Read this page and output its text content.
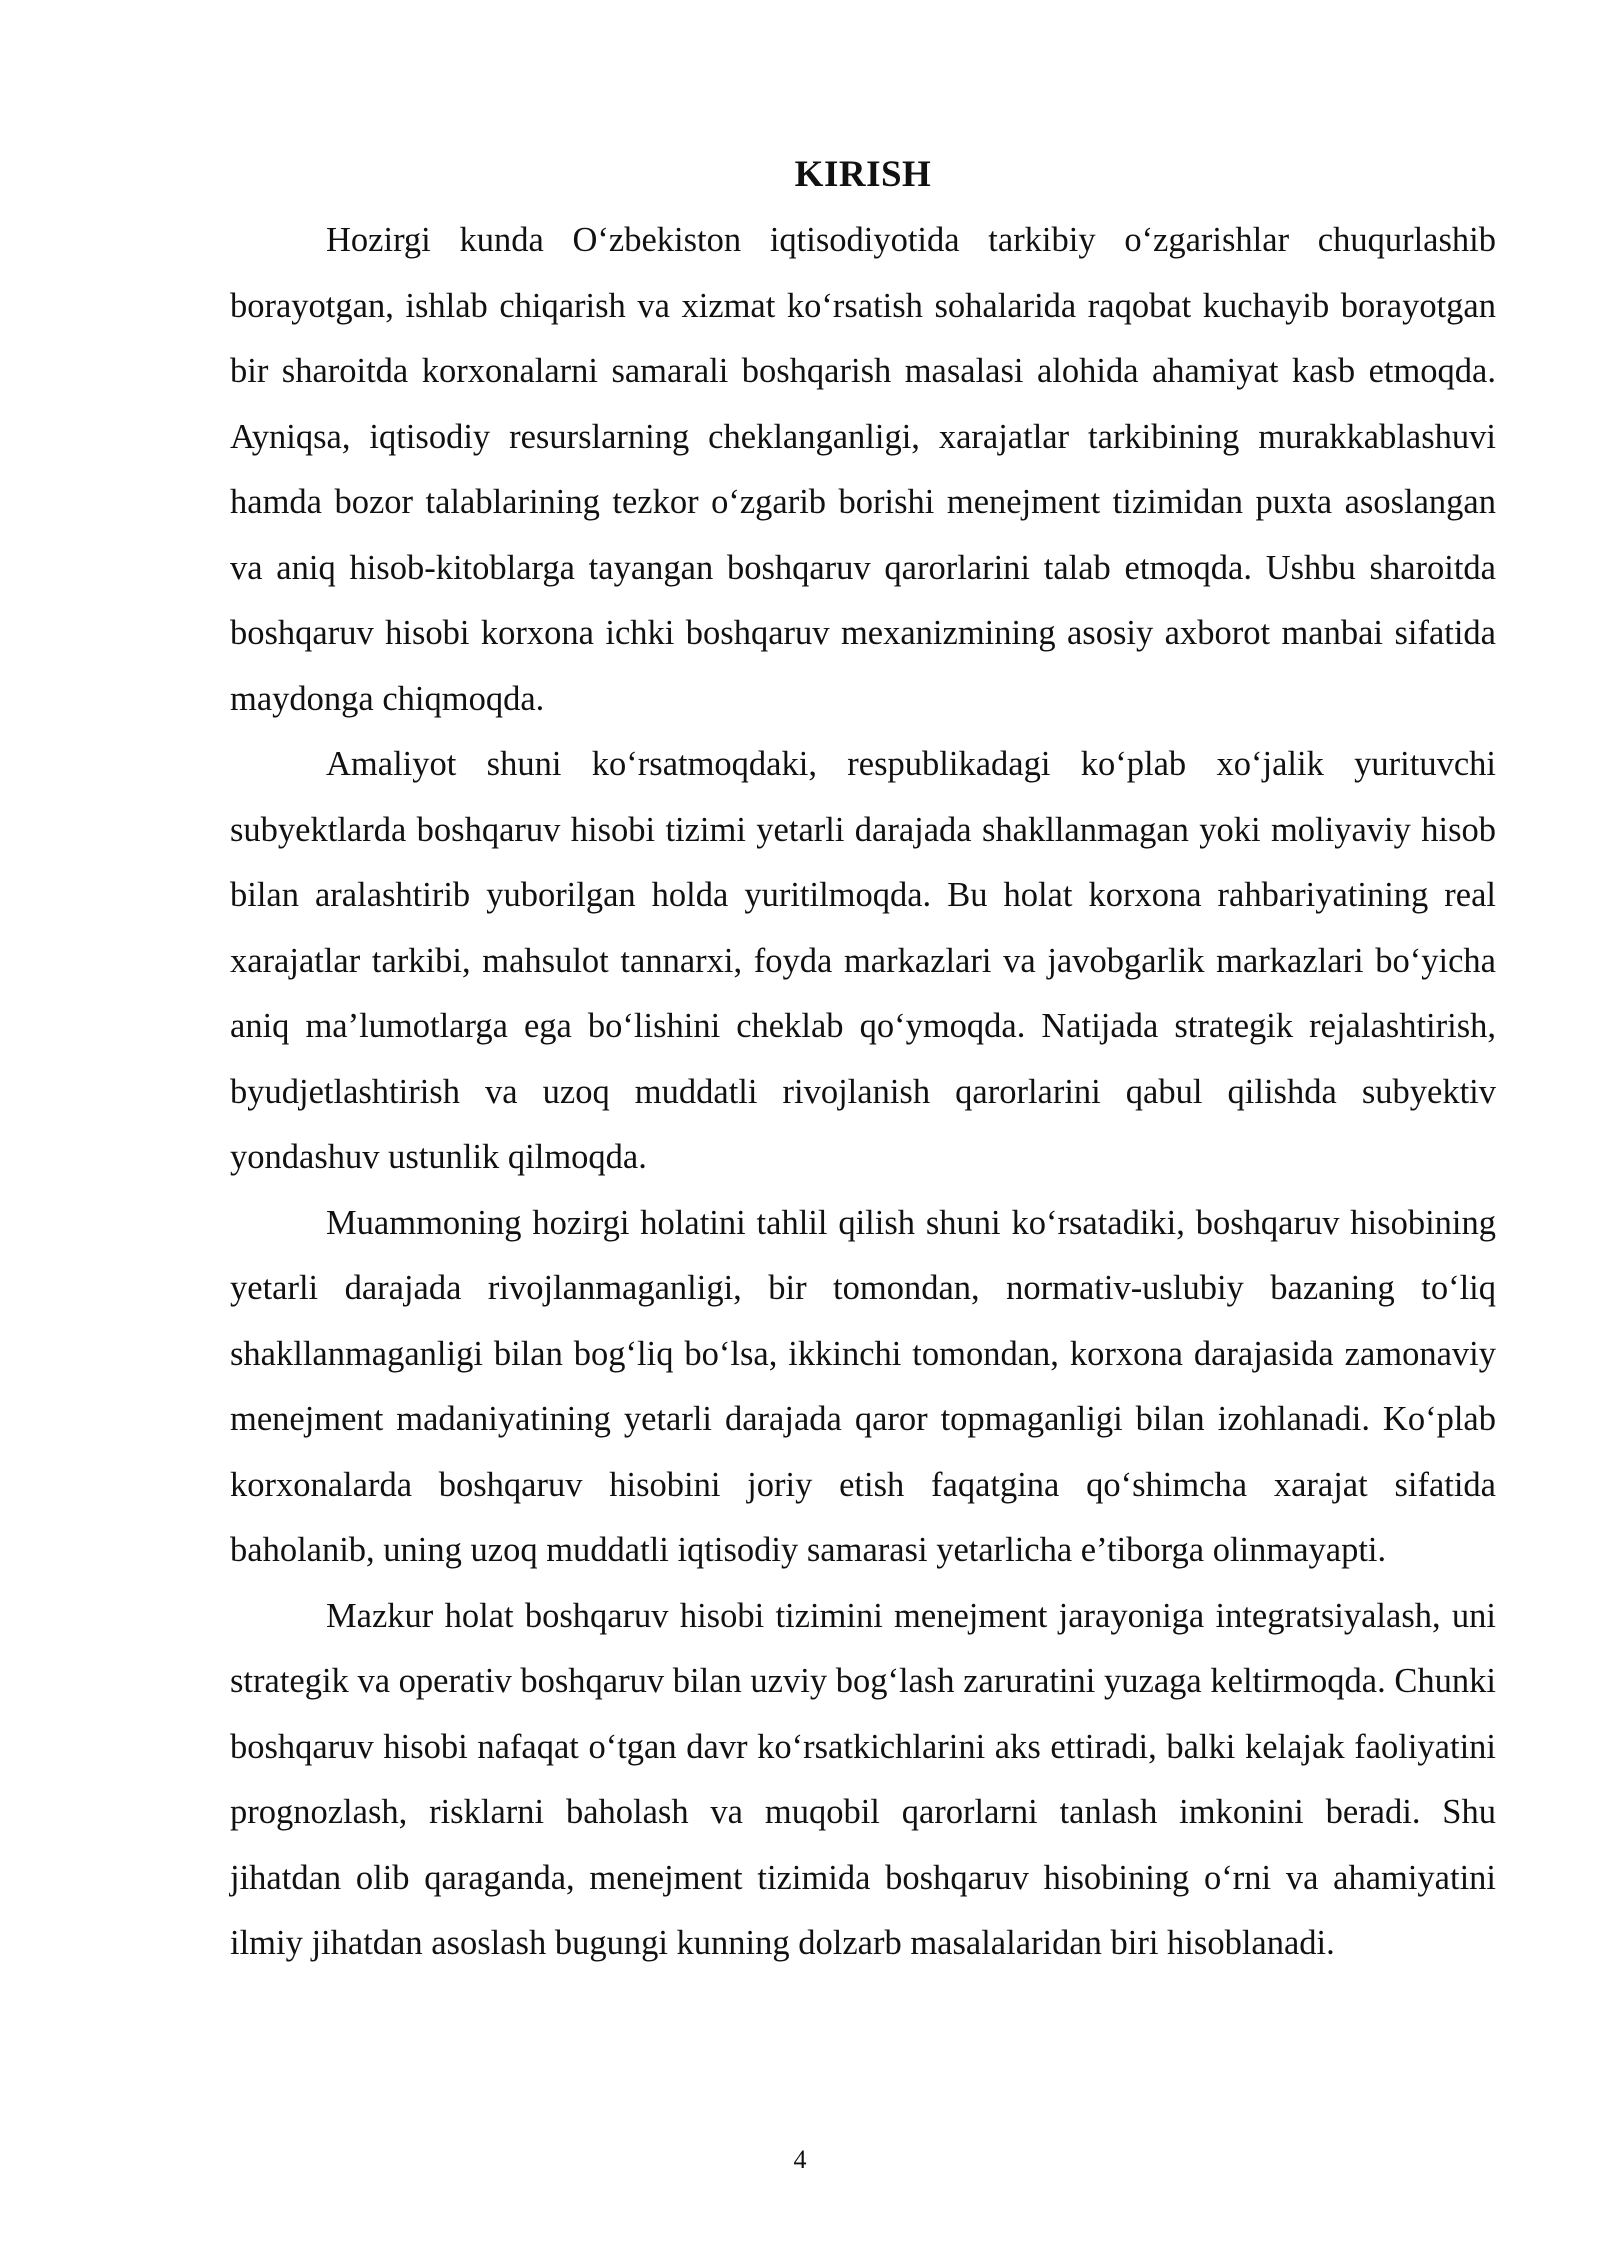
KIRISH

Hozirgi kunda O‘zbekiston iqtisodiyotida tarkibiy o‘zgarishlar chuqurlashib borayotgan, ishlab chiqarish va xizmat ko‘rsatish sohalarida raqobat kuchayib borayotgan bir sharoitda korxonalarni samarali boshqarish masalasi alohida ahamiyat kasb etmoqda. Ayniqsa, iqtisodiy resurslarning cheklanganligi, xarajatlar tarkibining murakkablashuvi hamda bozor talablarining tezkor o‘zgarib borishi menejment tizimidan puxta asoslangan va aniq hisob-kitoblarga tayangan boshqaruv qarorlarini talab etmoqda. Ushbu sharoitda boshqaruv hisobi korxona ichki boshqaruv mexanizmining asosiy axborot manbai sifatida maydonga chiqmoqda.

Amaliyot shuni ko‘rsatmoqdaki, respublikadagi ko‘plab xo‘jalik yurituvchi subyektlarda boshqaruv hisobi tizimi yetarli darajada shakllanmagan yoki moliyaviy hisob bilan aralashtirib yuborilgan holda yuritilmoqda. Bu holat korxona rahbariyatining real xarajatlar tarkibi, mahsulot tannarxi, foyda markazlari va javobgarlik markazlari bo‘yicha aniq ma’lumotlarga ega bo‘lishini cheklab qo‘ymoqda. Natijada strategik rejalashtirish, byudjetlashtirish va uzoq muddatli rivojlanish qarorlarini qabul qilishda subyektiv yondashuv ustunlik qilmoqda.

Muammoning hozirgi holatini tahlil qilish shuni ko‘rsatadiki, boshqaruv hisobining yetarli darajada rivojlanmaganligi, bir tomondan, normativ-uslubiy bazaning to‘liq shakllanmaganligi bilan bog‘liq bo‘lsa, ikkinchi tomondan, korxona darajasida zamonaviy menejment madaniyatining yetarli darajada qaror topmaganligi bilan izohlanadi. Ko‘plab korxonalarda boshqaruv hisobini joriy etish faqatgina qo‘shimcha xarajat sifatida baholanib, uning uzoq muddatli iqtisodiy samarasi yetarlicha e’tiborga olinmayapti.

Mazkur holat boshqaruv hisobi tizimini menejment jarayoniga integratsiyalash, uni strategik va operativ boshqaruv bilan uzviy bog‘lash zaruratini yuzaga keltirmoqda. Chunki boshqaruv hisobi nafaqat o‘tgan davr ko‘rsatkichlarini aks ettiradi, balki kelajak faoliyatini prognozlash, risklarni baholash va muqobil qarorlarni tanlash imkonini beradi. Shu jihatdan olib qaraganda, menejment tizimida boshqaruv hisobining o‘rni va ahamiyatini ilmiy jihatdan asoslash bugungi kunning dolzarb masalalaridan biri hisoblanadi.

4
